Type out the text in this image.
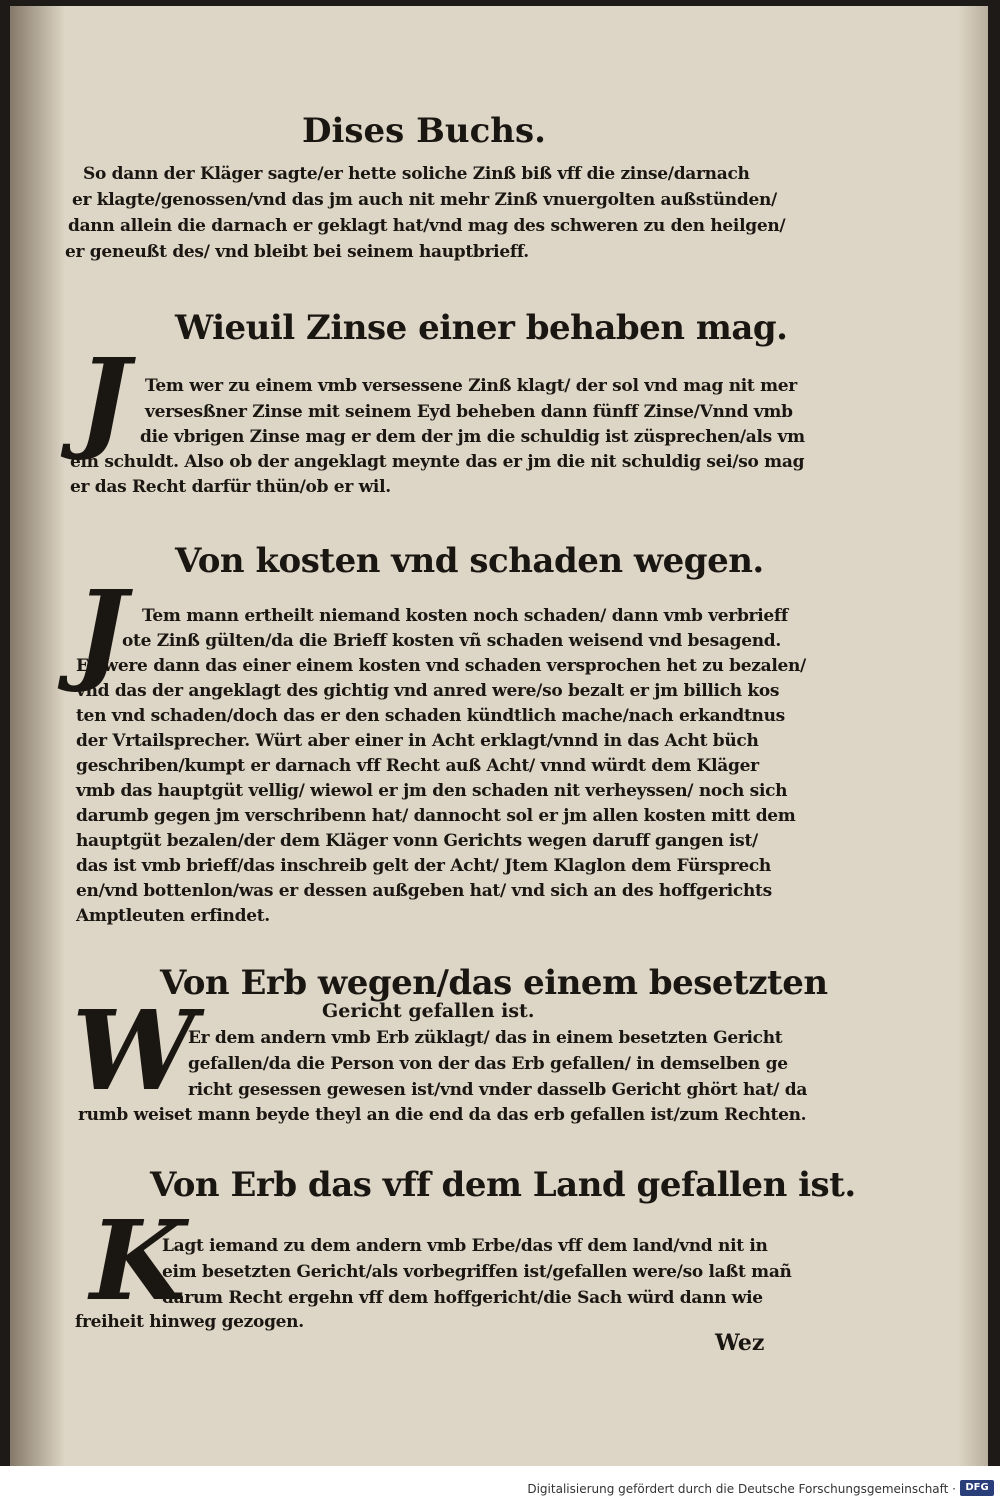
Dises Buchs.
So dann der Kläger sagte/er hette soliche Zinß biß vff die zinse/darnach
er klagte/genossen/vnd das jm auch nit mehr Zinß vnuergolten außstünden/
dann allein die darnach er geklagt hat/vnd mag des schweren zu den heilgen/
er geneußt des/ vnd bleibt bei seinem hauptbrieff.
Wieuil Zinse einer behaben mag.
J Tem wer zu einem vmb versessene Zinß klagt/ der sol vnd mag nit mer
versesßner Zinse mit seinem Eyd beheben dann fünff Zinse/Vnnd vmb
die vbrigen Zinse mag er dem der jm die schuldig ist züsprechen/als vm
ein schuldt. Also ob der angeklagt meynte das er jm die nit schuldig sei/so mag
er das Recht darfür thün/ob er wil.
Von kosten vnd schaden wegen.
J Tem mann ertheilt niemand kosten noch schaden/ dann vmb verbrieff
ote Zinß gülten/da die Brieff kosten vñ schaden weisend vnd besagend.
Es were dann das einer einem kosten vnd schaden versprochen het zu bezalen/
vnd das der angeklagt des gichtig vnd anred were/so bezalt er jm billich kos
ten vnd schaden/doch das er den schaden kündtlich mache/nach erkandtnus
der Vrtailsprecher. Würt aber einer in Acht erklagt/vnnd in das Acht büch
geschriben/kumpt er darnach vff Recht auß Acht/ vnnd würdt dem Kläger
vmb das hauptgüt vellig/ wiewol er jm den schaden nit verheyssen/ noch sich
darumb gegen jm verschribenn hat/ dannocht sol er jm allen kosten mitt dem
hauptgüt bezalen/der dem Kläger vonn Gerichts wegen daruff gangen ist/
das ist vmb brieff/das inschreib gelt der Acht/ Jtem Klaglon dem Fürsprech
en/vnd bottenlon/was er dessen außgeben hat/ vnd sich an des hoffgerichts
Amptleuten erfindet.
Von Erb wegen/das einem besetzten
Gericht gefallen ist.
W
Er dem andern vmb Erb züklagt/ das in einem besetzten Gericht
gefallen/da die Person von der das Erb gefallen/ in demselben ge
richt gesessen gewesen ist/vnd vnder dasselb Gericht ghört hat/ da
rumb weiset mann beyde theyl an die end da das erb gefallen ist/zum Rechten.
Von Erb das vff dem Land gefallen ist.
K
Lagt iemand zu dem andern vmb Erbe/das vff dem land/vnd nit in
eim besetzten Gericht/als vorbegriffen ist/gefallen were/so laßt mañ
darum Recht ergehn vff dem hoffgericht/die Sach würd dann wie
freiheit hinweg gezogen.
Wez
Digitalisierung gefördert durch die Deutsche Forschungsgemeinschaft · DFG
